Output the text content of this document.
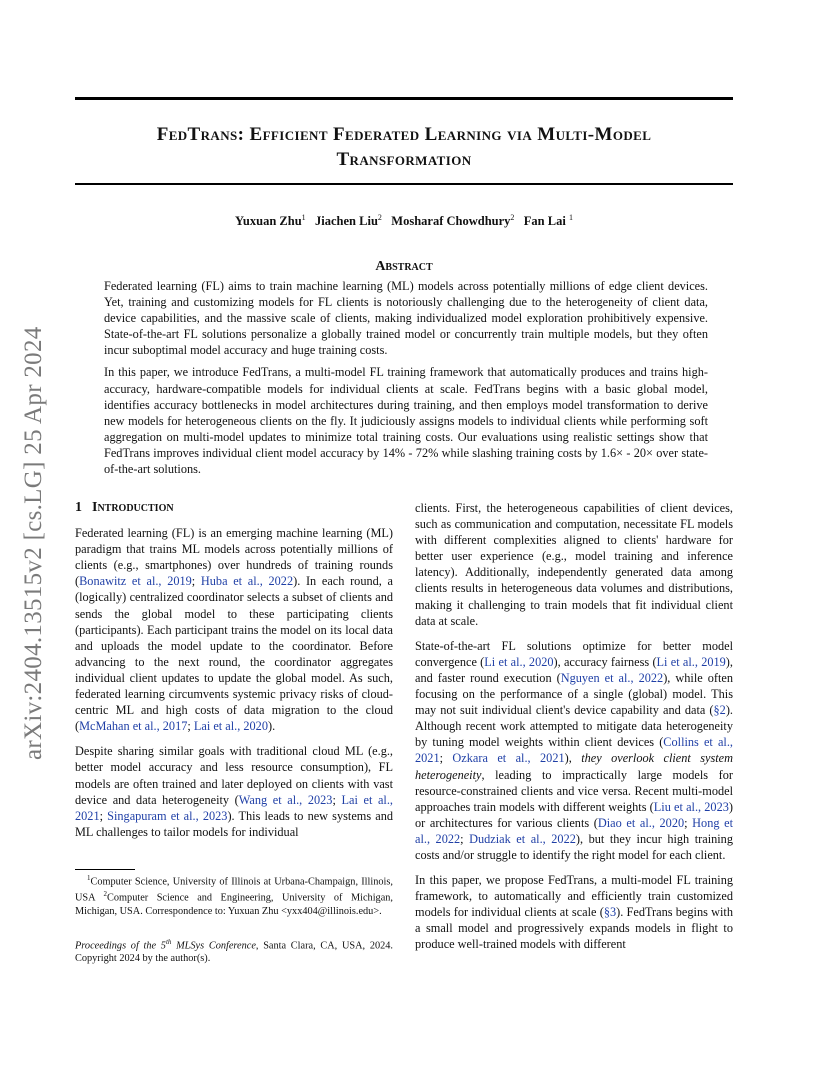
FedTrans: Efficient Federated Learning via Multi-Model
Transformation
arXiv:2404.13515v2 [cs.LG] 25 Apr 2024
Yuxuan Zhu$^1$ Jiachen Liu$^2$ Mosharaf Chowdhury$^2$ Fan Lai $^1$
Abstract

Federated learning (FL) aims to train machine learning (ML) models across potentially millions of edge client devices. Yet, training and customizing models for FL clients is notoriously challenging due to the heterogeneity of client data, device capabilities, and the massive scale of clients, making individualized model exploration prohibitively expensive. State-of-the-art FL solutions personalize a globally trained model or concurrently train multiple models, but they often incur suboptimal model accuracy and huge training costs.

In this paper, we introduce FedTrans, a multi-model FL training framework that automatically produces and trains high-accuracy, hardware-compatible models for individual clients at scale. FedTrans begins with a basic global model, identifies accuracy bottlenecks in model architectures during training, and then employs model transformation to derive new models for heterogeneous clients on the fly. It judiciously assigns models to individual clients while performing soft aggregation on multi-model updates to minimize total training costs. Our evaluations using realistic settings show that FedTrans improves individual client model accuracy by 14% - 72% while slashing training costs by 1.6× - 20× over state-of-the-art solutions.

1 Introduction

Federated learning (FL) is an emerging machine learning (ML) paradigm that trains ML models across potentially millions of clients (e.g., smartphones) over hundreds of training rounds (Bonawitz et al., 2019; Huba et al., 2022). In each round, a (logically) centralized coordinator selects a subset of clients and sends the global model to these participating clients (participants). Each participant trains the model on its local data and uploads the model update to the coordinator. Before advancing to the next round, the coordinator aggregates individual client updates to update the global model. As such, federated learning circumvents systemic privacy risks of cloud-centric ML and high costs of data migration to the cloud (McMahan et al., 2017; Lai et al., 2020).

Despite sharing similar goals with traditional cloud ML (e.g., better model accuracy and less resource consumption), FL models are often trained and later deployed on clients with vast device and data heterogeneity (Wang et al., 2023; Lai et al., 2021; Singapuram et al., 2023). This leads to new systems and ML challenges to tailor models for individual

$^1$Computer Science, University of Illinois at Urbana-Champaign, Illinois, USA $^2$Computer Science and Engineering, University of Michigan, Michigan, USA. Correspondence to: Yuxuan Zhu <yxx404@illinois.edu>.
Proceedings of the 5th MLSys Conference, Santa Clara, CA, USA, 2024. Copyright 2024 by the author(s).

clients. First, the heterogeneous capabilities of client devices, such as communication and computation, necessitate FL models with different complexities aligned to clients' hardware for better user experience (e.g., model training and inference latency). Additionally, independently generated data among clients results in heterogeneous data volumes and distributions, making it challenging to train models that fit individual client data at scale.

State-of-the-art FL solutions optimize for better model convergence (Li et al., 2020), accuracy fairness (Li et al., 2019), and faster round execution (Nguyen et al., 2022), while often focusing on the performance of a single (global) model. This may not suit individual client's device capability and data (§2). Although recent work attempted to mitigate data heterogeneity by tuning model weights within client devices (Collins et al., 2021; Ozkara et al., 2021), they overlook client system heterogeneity, leading to impractically large models for resource-constrained clients and vice versa. Recent multi-model approaches train models with different weights (Liu et al., 2023) or architectures for various clients (Diao et al., 2020; Hong et al., 2022; Dudziak et al., 2022), but they incur high training costs and/or struggle to identify the right model for each client.

In this paper, we propose FedTrans, a multi-model FL training framework, to automatically and efficiently train customized models for individual clients at scale (§3). FedTrans begins with a small model and progressively expands models in flight to produce well-trained models with different
